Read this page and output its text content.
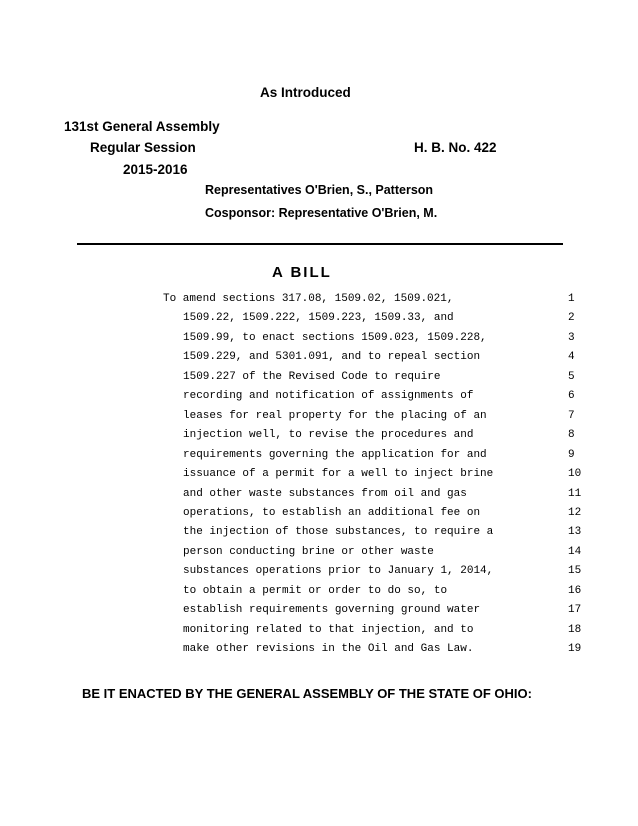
As Introduced
131st General Assembly
Regular Session	H. B. No. 422
2015-2016
Representatives O'Brien, S., Patterson
Cosponsor: Representative O'Brien, M.
A BILL
To amend sections 317.08, 1509.02, 1509.021,	1
1509.22, 1509.222, 1509.223, 1509.33, and	2
1509.99, to enact sections 1509.023, 1509.228,	3
1509.229, and 5301.091, and to repeal section	4
1509.227 of the Revised Code to require	5
recording and notification of assignments of	6
leases for real property for the placing of an	7
injection well, to revise the procedures and	8
requirements governing the application for and	9
issuance of a permit for a well to inject brine	10
and other waste substances from oil and gas	11
operations, to establish an additional fee on	12
the injection of those substances, to require a	13
person conducting brine or other waste	14
substances operations prior to January 1, 2014,	15
to obtain a permit or order to do so, to	16
establish requirements governing ground water	17
monitoring related to that injection, and to	18
make other revisions in the Oil and Gas Law.	19
BE IT ENACTED BY THE GENERAL ASSEMBLY OF THE STATE OF OHIO:
